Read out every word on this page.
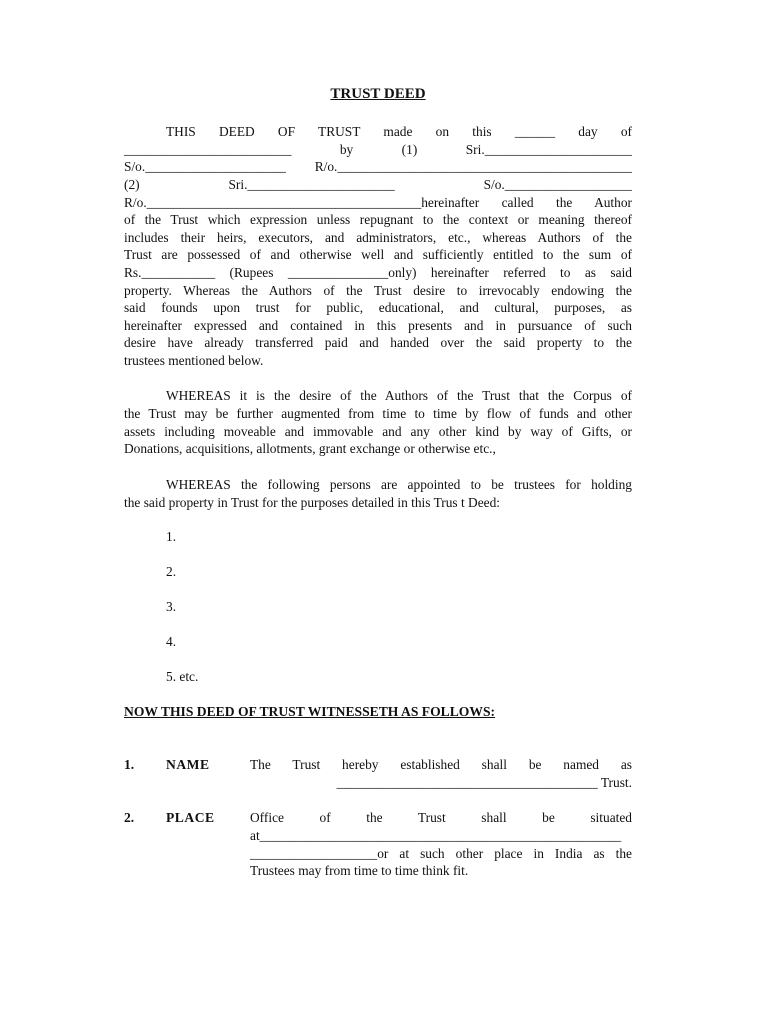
TRUST DEED
THIS DEED OF TRUST made on this ______ day of
_________________________ by (1) Sri.______________________
S/o._____________________ R/o.____________________________________________
(2) Sri.______________________ S/o.___________________
R/o._________________________________________hereinafter called the Author
of the Trust which expression unless repugnant to the context or meaning thereof
includes their heirs, executors, and administrators, etc., whereas Authors of the
Trust are possessed of and otherwise well and sufficiently entitled to the sum of
Rs.___________ (Rupees _______________only) hereinafter referred to as said
property. Whereas the Authors of the Trust desire to irrevocably endowing the
said founds upon trust for public, educational, and cultural, purposes, as
hereinafter expressed and contained in this presents and in pursuance of such
desire have already transferred paid and handed over the said property to the
trustees mentioned below.
WHEREAS it is the desire of the Authors of the Trust that the Corpus of
the Trust may be further augmented from time to time by flow of funds and other
assets including moveable and immovable and any other kind by way of Gifts, or
Donations, acquisitions, allotments, grant exchange or otherwise etc.,
WHEREAS the following persons are appointed to be trustees for holding
the said property in Trust for the purposes detailed in this Trus t Deed:
1.
2.
3.
4.
5. etc.
NOW THIS DEED OF TRUST WITNESSETH AS FOLLOWS:
1. NAME	The Trust hereby established shall be named as
_______________________________________ Trust.
2. PLACE	Office of the Trust shall be situated
at______________________________________________________
___________________or at such other place in India as the
Trustees may from time to time think fit.
